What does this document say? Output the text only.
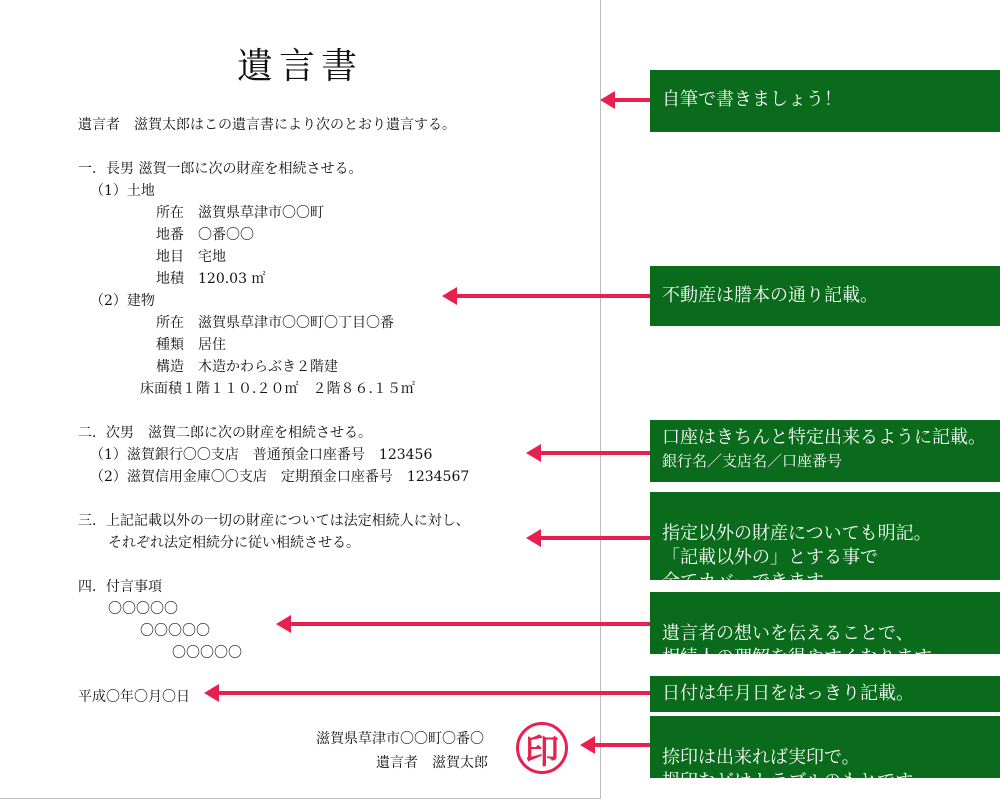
遺言書
遺言者　滋賀太郎はこの遺言書により次のとおり遺言する。
一．長男 滋賀一郎に次の財産を相続させる。
（1）土地
所在　滋賀県草津市〇〇町
地番　〇番〇〇
地目　宅地
地積　120.03 ㎡
（2）建物
所在　滋賀県草津市〇〇町〇丁目〇番
種類　居住
構造　木造かわらぶき２階建
床面積１階１１０.２０㎡　２階８６.１５㎡
二．次男　滋賀二郎に次の財産を相続させる。
（1）滋賀銀行〇〇支店　普通預金口座番号　123456
（2）滋賀信用金庫〇〇支店　定期預金口座番号　1234567
三．上記記載以外の一切の財産については法定相続人に対し、
それぞれ法定相続分に従い相続させる。
四．付言事項
〇〇〇〇〇
〇〇〇〇〇
〇〇〇〇〇
平成〇年〇月〇日
滋賀県草津市〇〇町〇番〇
遺言者　滋賀太郎 印
自筆で書きましょう！
不動産は謄本の通り記載。
口座はきちんと特定出来るように記載。
銀行名／支店名／口座番号

指定以外の財産についても明記。
「記載以外の」とする事で
全てカバーできます。

遺言者の想いを伝えることで、
相続人の理解を得やすくなります。

日付は年月日をはっきり記載。

捺印は出来れば実印で。
拇印などはトラブルのもとです。
